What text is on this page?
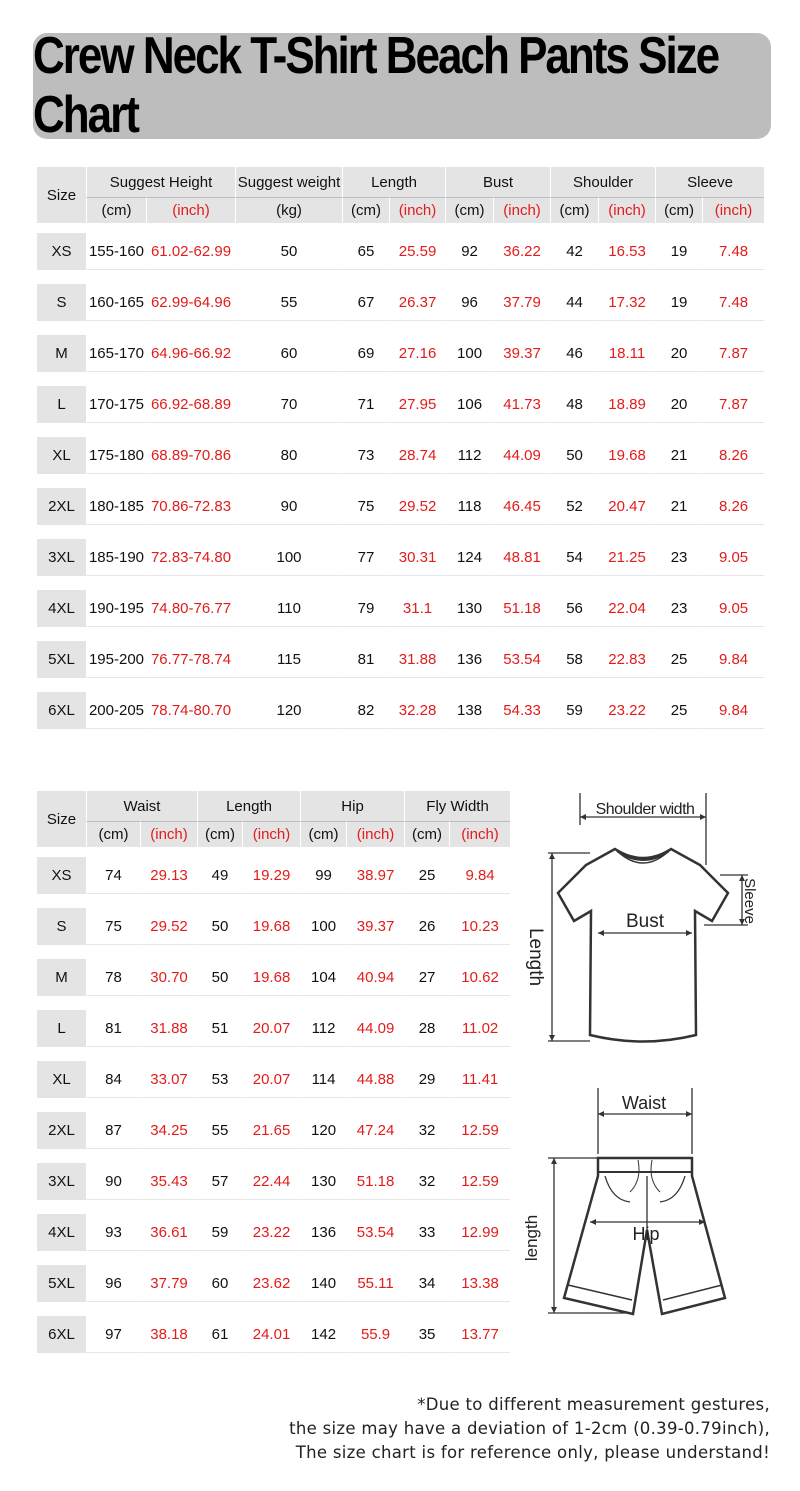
Crew Neck T-Shirt Beach Pants Size Chart
Size	Suggest Height		Suggest weight	Length		Bust		Shoulder		Sleeve	
	(cm)	(inch)	(kg)	(cm)	(inch)	(cm)	(inch)	(cm)	(inch)	(cm)	(inch)

XS	155-160	61.02-62.99	50	65	25.59	92	36.22	42	16.53	19	7.48

S	160-165	62.99-64.96	55	67	26.37	96	37.79	44	17.32	19	7.48

M	165-170	64.96-66.92	60	69	27.16	100	39.37	46	18.11	20	7.87

L	170-175	66.92-68.89	70	71	27.95	106	41.73	48	18.89	20	7.87

XL	175-180	68.89-70.86	80	73	28.74	112	44.09	50	19.68	21	8.26

2XL	180-185	70.86-72.83	90	75	29.52	118	46.45	52	20.47	21	8.26

3XL	185-190	72.83-74.80	100	77	30.31	124	48.81	54	21.25	23	9.05

4XL	190-195	74.80-76.77	110	79	31.1	130	51.18	56	22.04	23	9.05

5XL	195-200	76.77-78.74	115	81	31.88	136	53.54	58	22.83	25	9.84

6XL	200-205	78.74-80.70	120	82	32.28	138	54.33	59	23.22	25	9.84
Size	Waist		Length		Hip		Fly Width	
	(cm)	(inch)	(cm)	(inch)	(cm)	(inch)	(cm)	(inch)

XS	74	29.13	49	19.29	99	38.97	25	9.84

S	75	29.52	50	19.68	100	39.37	26	10.23

M	78	30.70	50	19.68	104	40.94	27	10.62

L	81	31.88	51	20.07	112	44.09	28	11.02

XL	84	33.07	53	20.07	114	44.88	29	11.41

2XL	87	34.25	55	21.65	120	47.24	32	12.59

3XL	90	35.43	57	22.44	130	51.18	32	12.59

4XL	93	36.61	59	23.22	136	53.54	33	12.99

5XL	96	37.79	60	23.62	140	55.11	34	13.38

6XL	97	38.18	61	24.01	142	55.9	35	13.77
Shoulder width
Bust
Length
Sleeve
Waist
Hip
length
*Due to different measurement gestures,
the size may have a deviation of 1-2cm (0.39-0.79inch),
The size chart is for reference only, please understand!
